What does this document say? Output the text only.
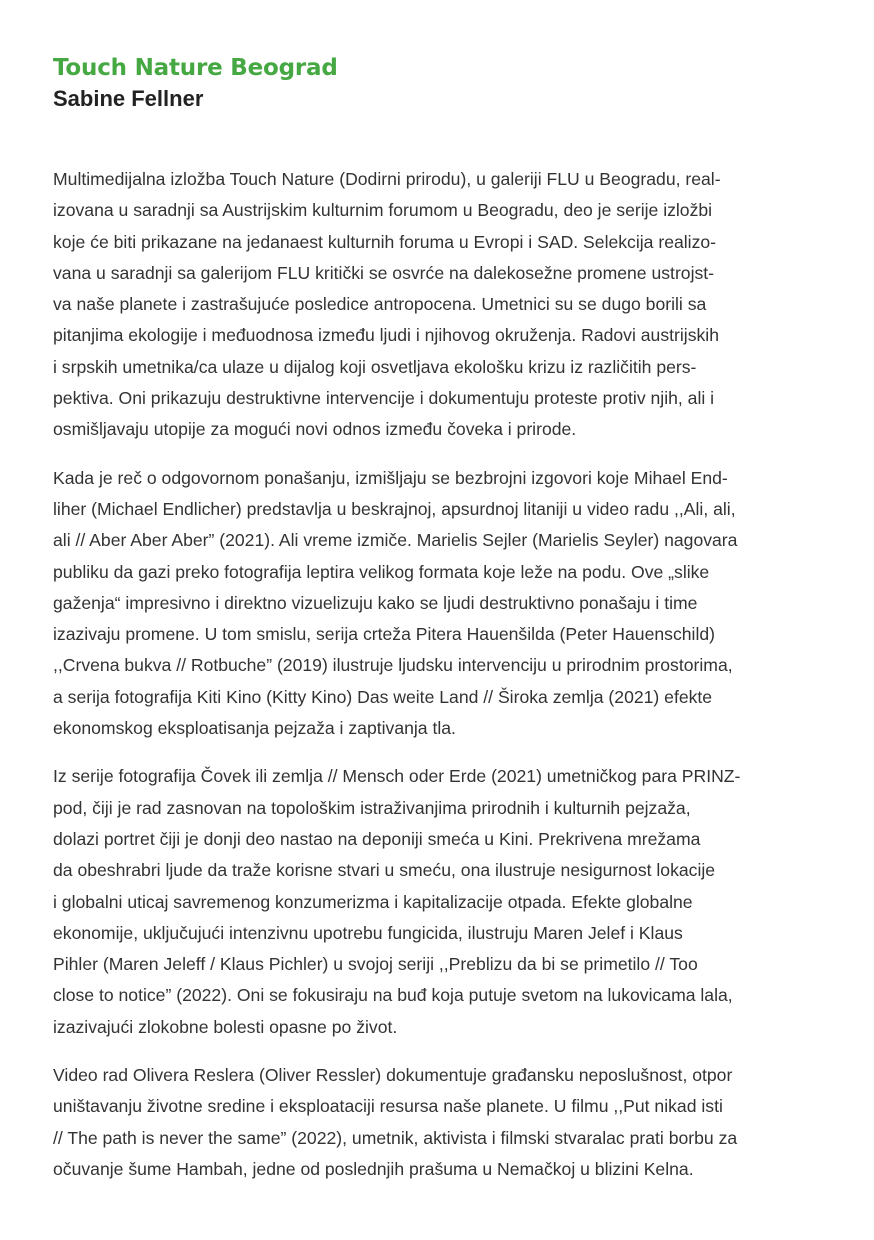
Touch Nature Beograd
Sabine Fellner

Multimedijalna izložba Touch Nature (Dodirni prirodu), u galeriji FLU u Beogradu, real-
izovana u saradnji sa Austrijskim kulturnim forumom u Beogradu, deo je serije izložbi
koje će biti prikazane na jedanaest kulturnih foruma u Evropi i SAD. Selekcija realizo-
vana u saradnji sa galerijom FLU kritički se osvrće na dalekosežne promene ustrojst-
va naše planete i zastrašujuće posledice antropocena. Umetnici su se dugo borili sa
pitanjima ekologije i međuodnosa između ljudi i njihovog okruženja. Radovi austrijskih
i srpskih umetnika/ca ulaze u dijalog koji osvetljava ekološku krizu iz različitih pers-
pektiva. Oni prikazuju destruktivne intervencije i dokumentuju proteste protiv njih, ali i
osmišljavaju utopije za mogući novi odnos između čoveka i prirode.

Kada je reč o odgovornom ponašanju, izmišljaju se bezbrojni izgovori koje Mihael End-
liher (Michael Endlicher) predstavlja u beskrajnoj, apsurdnoj litaniji u video radu ,,Ali, ali,
ali // Aber Aber Aber” (2021). Ali vreme izmiče. Marielis Sejler (Marielis Seyler) nagovara
publiku da gazi preko fotografija leptira velikog formata koje leže na podu. Ove „slike
gaženja“ impresivno i direktno vizuelizuju kako se ljudi destruktivno ponašaju i time
izazivaju promene. U tom smislu, serija crteža Pitera Hauenšilda (Peter Hauenschild)
,,Crvena bukva // Rotbuche” (2019) ilustruje ljudsku intervenciju u prirodnim prostorima,
a serija fotografija Kiti Kino (Kitty Kino) Das weite Land // Široka zemlja (2021) efekte
ekonomskog eksploatisanja pejzaža i zaptivanja tla.

Iz serije fotografija Čovek ili zemlja // Mensch oder Erde (2021) umetničkog para PRINZ-
pod, čiji je rad zasnovan na topološkim istraživanjima prirodnih i kulturnih pejzaža,
dolazi portret čiji je donji deo nastao na deponiji smeća u Kini. Prekrivena mrežama
da obeshrabri ljude da traže korisne stvari u smeću, ona ilustruje nesigurnost lokacije
i globalni uticaj savremenog konzumerizma i kapitalizacije otpada. Efekte globalne
ekonomije, uključujući intenzivnu upotrebu fungicida, ilustruju Maren Jelef i Klaus
Pihler (Maren Jeleff / Klaus Pichler) u svojoj seriji ,,Preblizu da bi se primetilo // Too
close to notice” (2022). Oni se fokusiraju na buđ koja putuje svetom na lukovicama lala,
izazivajući zlokobne bolesti opasne po život.

Video rad Olivera Reslera (Oliver Ressler) dokumentuje građansku neposlušnost, otpor
uništavanju životne sredine i eksploataciji resursa naše planete. U filmu ,,Put nikad isti
// The path is never the same” (2022), umetnik, aktivista i filmski stvaralac prati borbu za
očuvanje šume Hambah, jedne od poslednjih prašuma u Nemačkoj u blizini Kelna.
